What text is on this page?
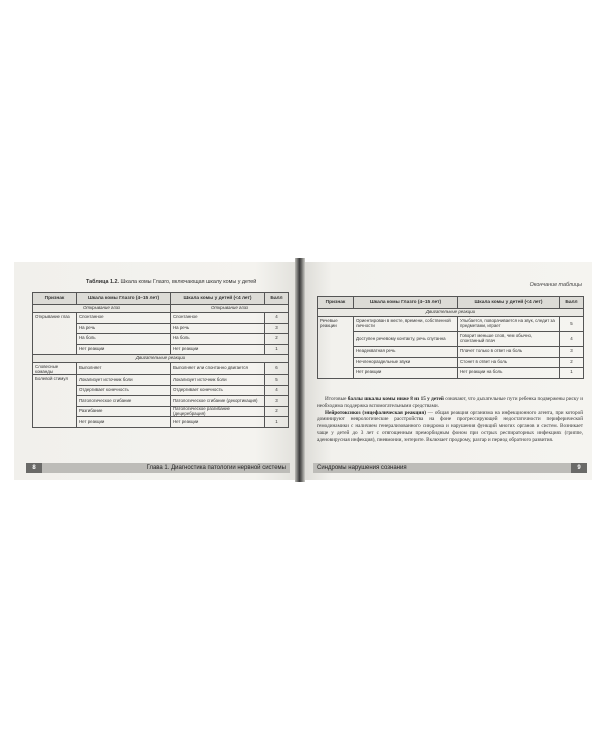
Таблица 1.2. Шкала комы Глазго, включающая шкалу комы у детей
Признак	Шкала комы Глазго (4–15 лет)	Шкала комы у детей (<4 лет)	Балл
Открывание глаз		Открывание глаз	
Открывание глаз	Спонтанное	Спонтанное	4
	На речь	На речь	3
	На боль	На боль	2
	Нет реакции	Нет реакции	1
Двигательные реакции			
Словесные команды	Выполняет	Выполняет или спонтанно двигается	6
Болевой стимул	Локализует источник боли	Локализует источник боли	5
	Отдергивает конечность	Отдергивает конечность	4
	Патологическое сгибание	Патологическое сгибание (декортикация)	3
	Разгибание	Патологическое разгибание (децеребрация)	2
	Нет реакции	Нет реакции	1
8	Глава 1. Диагностика патологии нервной системы
Окончание таблицы
Признак	Шкала комы Глазго (4–15 лет)	Шкала комы у детей (<4 лет)	Балл
Двигательные реакции			
Речевые реакции	Ориентирован в месте, времени, собственной личности	Улыбается, поворачивается на звук, следит за предметами, играет	5
	Доступен речевому контакту, речь спутанна	Говорит меньше слов, чем обычно, спонтанный плач	4
	Неадекватная речь	Плачет только в ответ на боль	3
	Нечленораздельные звуки	Стонет в ответ на боль	2
	Нет реакции	Нет реакции на боль	1

Итоговые баллы шкалы комы ниже 8 из 15 у детей означают, что дыхательные пути ребенка подвержены риску и необходима поддержка вспомогательными средствами.

Нейротоксикоз (энцефалическая реакция) — общая реакция организма на инфекционного агента, при которой доминируют неврологические расстройства на фоне прогрессирующей недостаточности периферической гемодинамики с наличием генерализованного синдрома и нарушения функций многих органов и систем. Возникает чаще у детей до 3 лет с отягощенным преморбидным фоном при острых респираторных инфекциях (гриппе, аденовирусная инфекция), пневмонии, энтерите. Включает продрому, разгар и период обратного развития.

Синдромы нарушения сознания	9
